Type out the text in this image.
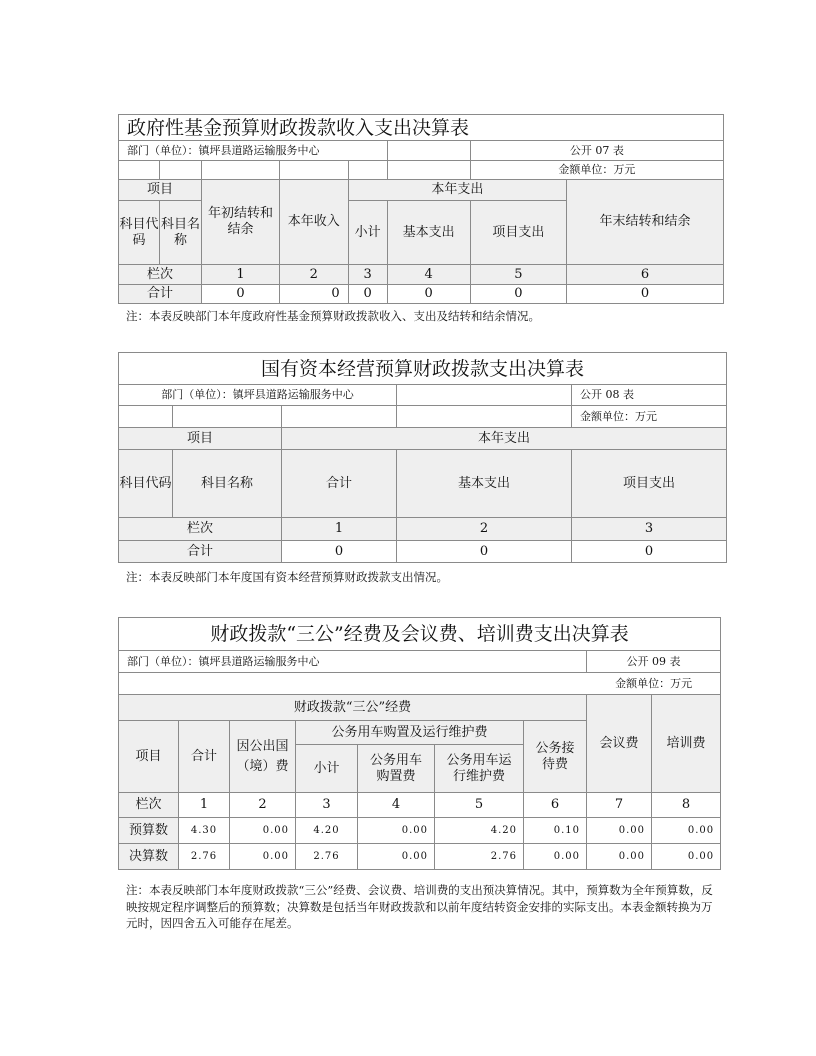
政府性基金预算财政拨款收入支出决算表							
部门（单位）：镇坪县道路运输服务中心						公开 07 表	
						金额单位：万元	
项目		年初结转和结余	本年收入	本年支出			年末结转和结余
科目代码	科目名称			小计	基本支出	项目支出	
栏次		1	2	3	4	5	6
合计		0	0	0	0	0	0

注：本表反映部门本年度政府性基金预算财政拨款收入、支出及结转和结余情况。

国有资本经营预算财政拨款支出决算表				
部门（单位）：镇坪县道路运输服务中心				公开 08 表
				金额单位：万元
项目		本年支出		
科目代码	科目名称	合计	基本支出	项目支出
栏次		1	2	3
合计		0	0	0

注：本表反映部门本年度国有资本经营预算财政拨款支出情况。

财政拨款“三公”经费及会议费、培训费支出决算表								
部门（单位）：镇坪县道路运输服务中心							公开 09 表	
金额单位：万元								
财政拨款“三公”经费							会议费	培训费
项目	合计	因公出国（境）费	公务用车购置及运行维护费			公务接待费		
			小计	公务用车购置费	公务用车运行维护费			
栏次	1	2	3	4	5	6	7	8
预算数	4.30	0.00	4.20	0.00	4.20	0.10	0.00	0.00
决算数	2.76	0.00	2.76	0.00	2.76	0.00	0.00	0.00

注：本表反映部门本年度财政拨款“三公”经费、会议费、培训费的支出预决算情况。其中，预算数为全年预算数，反映按规定程序调整后的预算数；决算数是包括当年财政拨款和以前年度结转资金安排的实际支出。本表金额转换为万元时，因四舍五入可能存在尾差。
